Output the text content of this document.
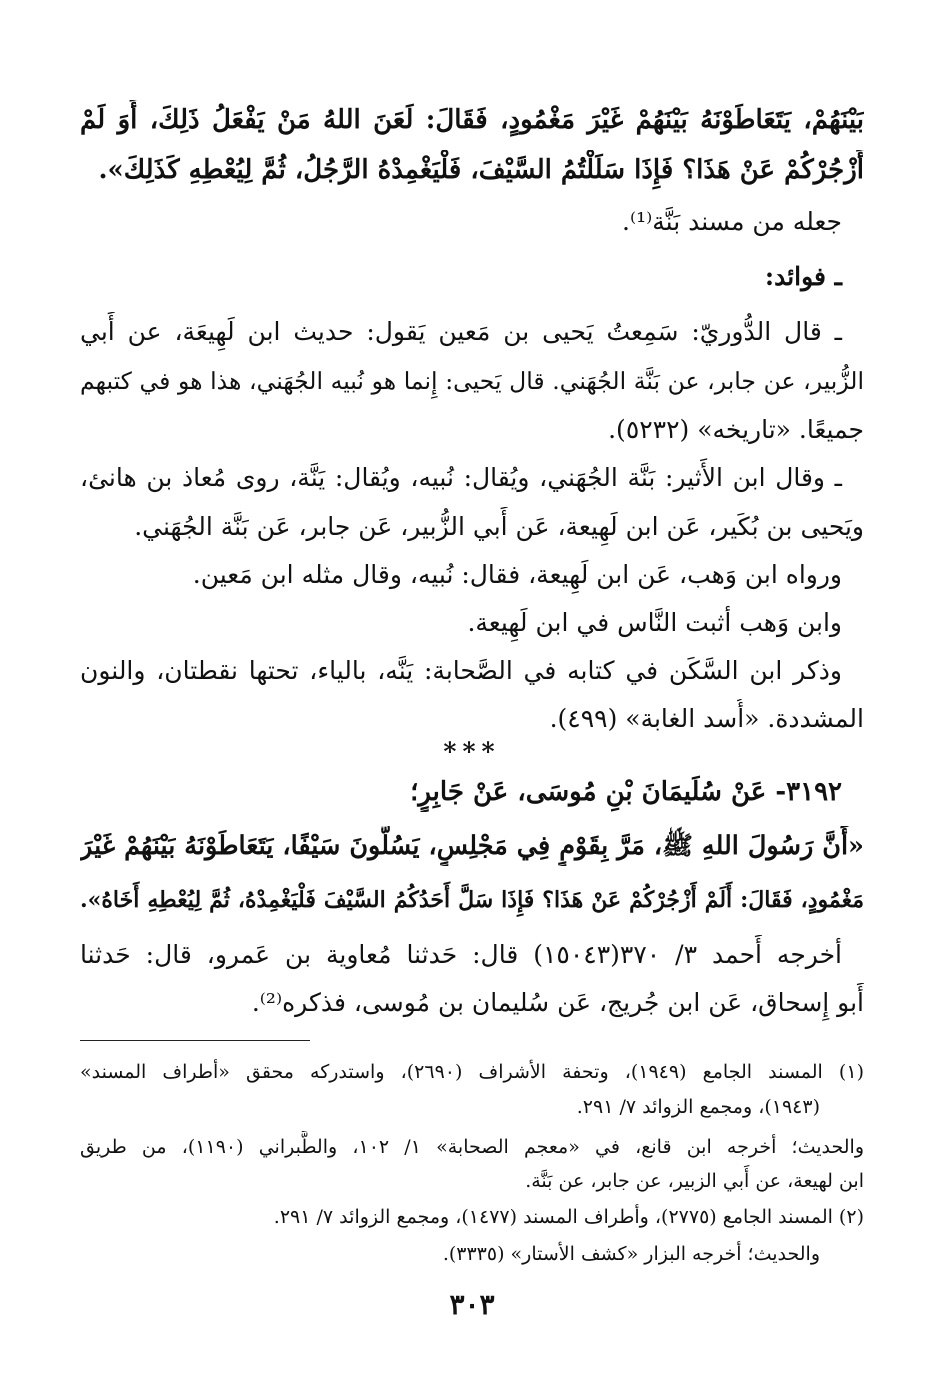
بَيْنَهُمْ، يَتَعَاطَوْنَهُ بَيْنَهُمْ غَيْرَ مَغْمُودٍ، فَقَالَ: لَعَنَ اللهُ مَنْ يَفْعَلُ ذَلِكَ، أَوَ لَمْ
أَزْجُرْكُمْ عَنْ هَذَا؟ فَإِذَا سَلَلْتُمُ السَّيْفَ، فَلْيَغْمِدْهُ الرَّجُلُ، ثُمَّ لِيُعْطِهِ كَذَلِكَ».
جعله من مسند بَنَّة⁽¹⁾.
ـ فوائد:
ـ قال الدُّوريّ: سَمِعتُ يَحيى بن مَعين يَقول: حديث ابن لَهِيعَة، عن أَبي
الزُّبير، عن جابر، عن بَنَّة الجُهَني. قال يَحيى: إِنما هو نُبيه الجُهَني، هذا هو في كتبهم
جميعًا. «تاريخه» (٥٢٣٢).
ـ وقال ابن الأَثير: بَنَّة الجُهَني، ويُقال: نُبيه، ويُقال: يَنَّة، روى مُعاذ بن هانئ،
ويَحيى بن بُكَير، عَن ابن لَهِيعة، عَن أَبي الزُّبير، عَن جابر، عَن بَنَّة الجُهَني.
ورواه ابن وَهب، عَن ابن لَهِيعة، فقال: نُبيه، وقال مثله ابن مَعين.
وابن وَهب أثبت النَّاس في ابن لَهِيعة.
وذكر ابن السَّكَن في كتابه في الصَّحابة: يَنَّه، بالياء، تحتها نقطتان، والنون
المشددة. «أُسد الغابة» (٤٩٩).
***
٣١٩٢- عَنْ سُلَيمَانَ بْنِ مُوسَى، عَنْ جَابِرٍ؛
«أَنَّ رَسُولَ اللهِ ﷺ، مَرَّ بِقَوْمٍ فِي مَجْلِسٍ، يَسُلُّونَ سَيْفًا، يَتَعَاطَوْنَهُ بَيْنَهُمْ غَيْرَ
مَغْمُودٍ، فَقَالَ: أَلَمْ أَزْجُرْكُمْ عَنْ هَذَا؟ فَإِذَا سَلَّ أَحَدُكُمُ السَّيْفَ فَلْيَغْمِدْهُ، ثُمَّ لِيُعْطِهِ أَخَاهُ».
أخرجه أَحمد ٣/ ٣٧٠(١٥٠٤٣) قال: حَدثنا مُعاوية بن عَمرو، قال: حَدثنا
أَبو إِسحاق، عَن ابن جُريج، عَن سُليمان بن مُوسى، فذكره⁽²⁾.
(١) المسند الجامع (١٩٤٩)، وتحفة الأشراف (٢٦٩٠)، واستدركه محقق «أطراف المسند»
(١٩٤٣)، ومجمع الزوائد ٧/ ٢٩١.
والحديث؛ أخرجه ابن قانع، في «معجم الصحابة» ١/ ١٠٢، والطَّبراني (١١٩٠)، من طريق
ابن لهيعة، عن أَبي الزبير، عن جابر، عن بَنَّة.
(٢) المسند الجامع (٢٧٧٥)، وأطراف المسند (١٤٧٧)، ومجمع الزوائد ٧/ ٢٩١.
والحديث؛ أخرجه البزار «كشف الأستار» (٣٣٣٥).
٣٠٣
